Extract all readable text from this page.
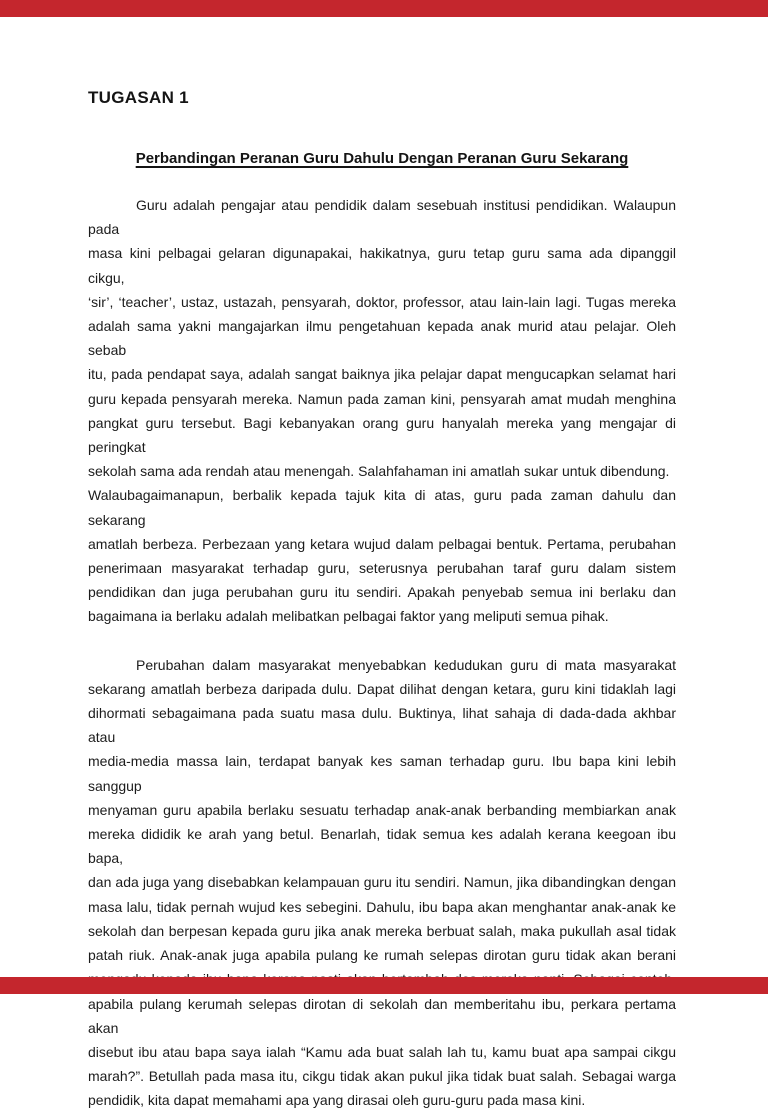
TUGASAN 1
Perbandingan Peranan Guru Dahulu Dengan Peranan Guru Sekarang
Guru adalah pengajar atau pendidik dalam sesebuah institusi pendidikan. Walaupun pada
masa kini pelbagai gelaran digunapakai, hakikatnya, guru tetap guru sama ada dipanggil cikgu,
‘sir’, ‘teacher’, ustaz, ustazah, pensyarah, doktor, professor, atau lain-lain lagi. Tugas mereka
adalah sama yakni mangajarkan ilmu pengetahuan kepada anak murid atau pelajar. Oleh sebab
itu, pada pendapat saya, adalah sangat baiknya jika pelajar dapat mengucapkan selamat hari
guru kepada pensyarah mereka. Namun pada zaman kini, pensyarah amat mudah menghina
pangkat guru tersebut. Bagi kebanyakan orang guru hanyalah mereka yang mengajar di peringkat
sekolah sama ada rendah atau menengah. Salahfahaman ini amatlah sukar untuk dibendung.
Walaubagaimanapun, berbalik kepada tajuk kita di atas, guru pada zaman dahulu dan sekarang
amatlah berbeza. Perbezaan yang ketara wujud dalam pelbagai bentuk. Pertama, perubahan
penerimaan masyarakat terhadap guru, seterusnya perubahan taraf guru dalam sistem
pendidikan dan juga perubahan guru itu sendiri. Apakah penyebab semua ini berlaku dan
bagaimana ia berlaku adalah melibatkan pelbagai faktor yang meliputi semua pihak.
Perubahan dalam masyarakat menyebabkan kedudukan guru di mata masyarakat
sekarang amatlah berbeza daripada dulu. Dapat dilihat dengan ketara, guru kini tidaklah lagi
dihormati sebagaimana pada suatu masa dulu. Buktinya, lihat sahaja di dada-dada akhbar atau
media-media massa lain, terdapat banyak kes saman terhadap guru. Ibu bapa kini lebih sanggup
menyaman guru apabila berlaku sesuatu terhadap anak-anak berbanding membiarkan anak
mereka dididik ke arah yang betul. Benarlah, tidak semua kes adalah kerana keegoan ibu bapa,
dan ada juga yang disebabkan kelampauan guru itu sendiri. Namun, jika dibandingkan dengan
masa lalu, tidak pernah wujud kes sebegini. Dahulu, ibu bapa akan menghantar anak-anak ke
sekolah dan berpesan kepada guru jika anak mereka berbuat salah, maka pukullah asal tidak
patah riuk. Anak-anak juga apabila pulang ke rumah selepas dirotan guru tidak akan berani
apabila pulang kerumah selepas dirotan di sekolah dan memberitahu ibu, perkara pertama akan
disebut ibu atau bapa saya ialah “Kamu ada buat salah lah tu, kamu buat apa sampai cikgu
marah?”. Betullah pada masa itu, cikgu tidak akan pukul jika tidak buat salah. Sebagai warga
pendidik, kita dapat memahami apa yang dirasai oleh guru-guru pada masa kini.
